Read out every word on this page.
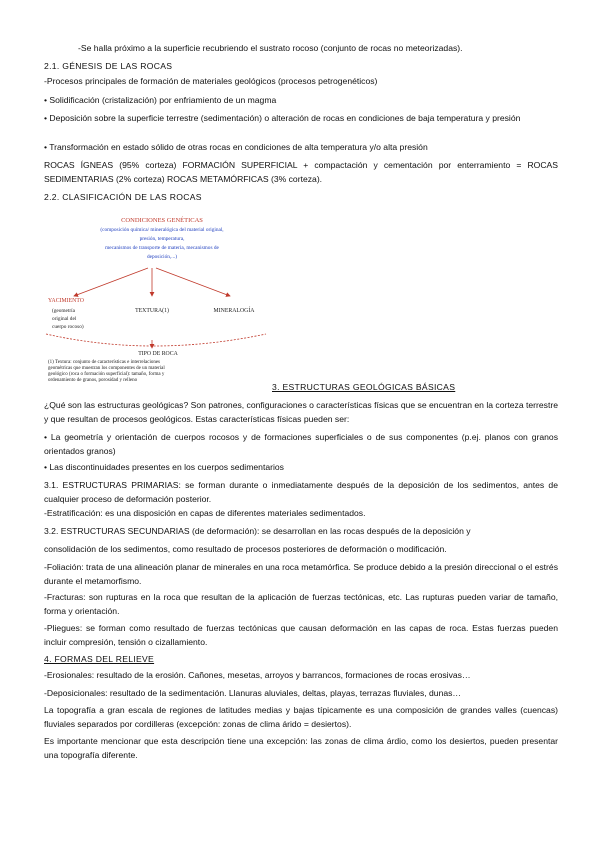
-Se halla próximo a la superficie recubriendo el sustrato rocoso (conjunto de rocas no meteorizadas).

2.1. GÉNESIS DE LAS ROCAS

-Procesos principales de formación de materiales geológicos (procesos petrogenéticos)

• Solidificación (cristalización) por enfriamiento de un magma

• Deposición sobre la superficie terrestre (sedimentación) o alteración de rocas en condiciones de baja temperatura y presión

• Transformación en estado sólido de otras rocas en condiciones de alta temperatura y/o alta presión

ROCAS ÍGNEAS (95% corteza) FORMACIÓN SUPERFICIAL + compactación y cementación por enterramiento = ROCAS SEDIMENTARIAS (2% corteza) ROCAS METAMÓRFICAS (3% corteza).

2.2. CLASIFICACIÓN DE LAS ROCAS

CONDICIONES GENÉTICAS
(composición química/ mineralógica del material original,
presión, temperatura,
mecanismos de transporte de materia, mecanismos de
deposición,...)
YACIMIENTO
(geometría
original del
cuerpo rocoso)
TEXTURA(1)	MINERALOGÍA
TIPO DE ROCA
(1) Textura: conjunto de características e interrelaciones
geométricas que muestran los componentes de un material
geológico (roca o formación superficial): tamaño, forma y
ordenamiento de granos, porosidad y relleno

3. ESTRUCTURAS GEOLÓGICAS BÁSICAS

¿Qué son las estructuras geológicas? Son patrones, configuraciones o características físicas que se encuentran en la corteza terrestre y que resultan de procesos geológicos. Estas características físicas pueden ser:

• La geometría y orientación de cuerpos rocosos y de formaciones superficiales o de sus componentes (p.ej. planos con granos orientados granos)

• Las discontinuidades presentes en los cuerpos sedimentarios

3.1. ESTRUCTURAS PRIMARIAS: se forman durante o inmediatamente después de la deposición de los sedimentos, antes de cualquier proceso de deformación posterior.

-Estratificación: es una disposición en capas de diferentes materiales sedimentados.

3.2. ESTRUCTURAS SECUNDARIAS (de deformación): se desarrollan en las rocas después de la deposición y

consolidación de los sedimentos, como resultado de procesos posteriores de deformación o modificación.

-Foliación: trata de una alineación planar de minerales en una roca metamórfica. Se produce debido a la presión direccional o el estrés durante el metamorfismo.

-Fracturas: son rupturas en la roca que resultan de la aplicación de fuerzas tectónicas, etc. Las rupturas pueden variar de tamaño, forma y orientación.

-Pliegues: se forman como resultado de fuerzas tectónicas que causan deformación en las capas de roca. Estas fuerzas pueden incluir compresión, tensión o cizallamiento.

4. FORMAS DEL RELIEVE

-Erosionales: resultado de la erosión. Cañones, mesetas, arroyos y barrancos, formaciones de rocas erosivas…

-Deposicionales: resultado de la sedimentación. Llanuras aluviales, deltas, playas, terrazas fluviales, dunas…

La topografía a gran escala de regiones de latitudes medias y bajas típicamente es una composición de grandes valles (cuencas) fluviales separados por cordilleras (excepción: zonas de clima árido = desiertos).

Es importante mencionar que esta descripción tiene una excepción: las zonas de clima árdio, como los desiertos, pueden presentar una topografía diferente.
